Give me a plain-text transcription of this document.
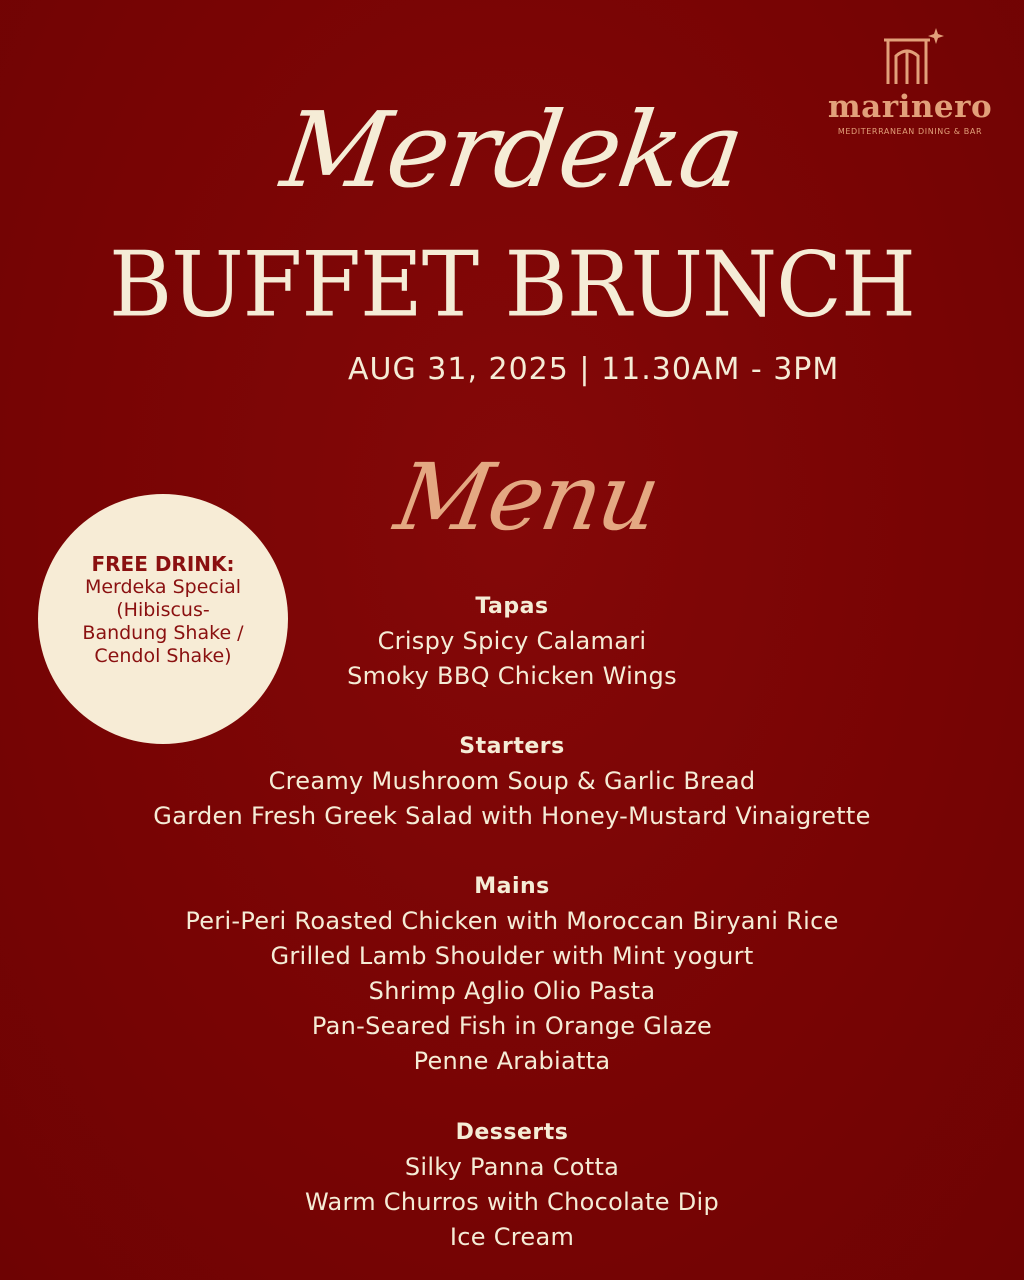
marinero
MEDITERRANEAN DINING & BAR
Merdeka
BUFFET BRUNCH
AUG 31, 2025 | 11.30AM - 3PM
Menu
FREE DRINK:
Merdeka Special
(Hibiscus-
Bandung Shake /
Cendol Shake)
Tapas
Crispy Spicy Calamari
Smoky BBQ Chicken Wings
Starters
Creamy Mushroom Soup & Garlic Bread
Garden Fresh Greek Salad with Honey-Mustard Vinaigrette
Mains
Peri-Peri Roasted Chicken with Moroccan Biryani Rice
Grilled Lamb Shoulder with Mint yogurt
Shrimp Aglio Olio Pasta
Pan-Seared Fish in Orange Glaze
Penne Arabiatta
Desserts
Silky Panna Cotta
Warm Churros with Chocolate Dip
Ice Cream
